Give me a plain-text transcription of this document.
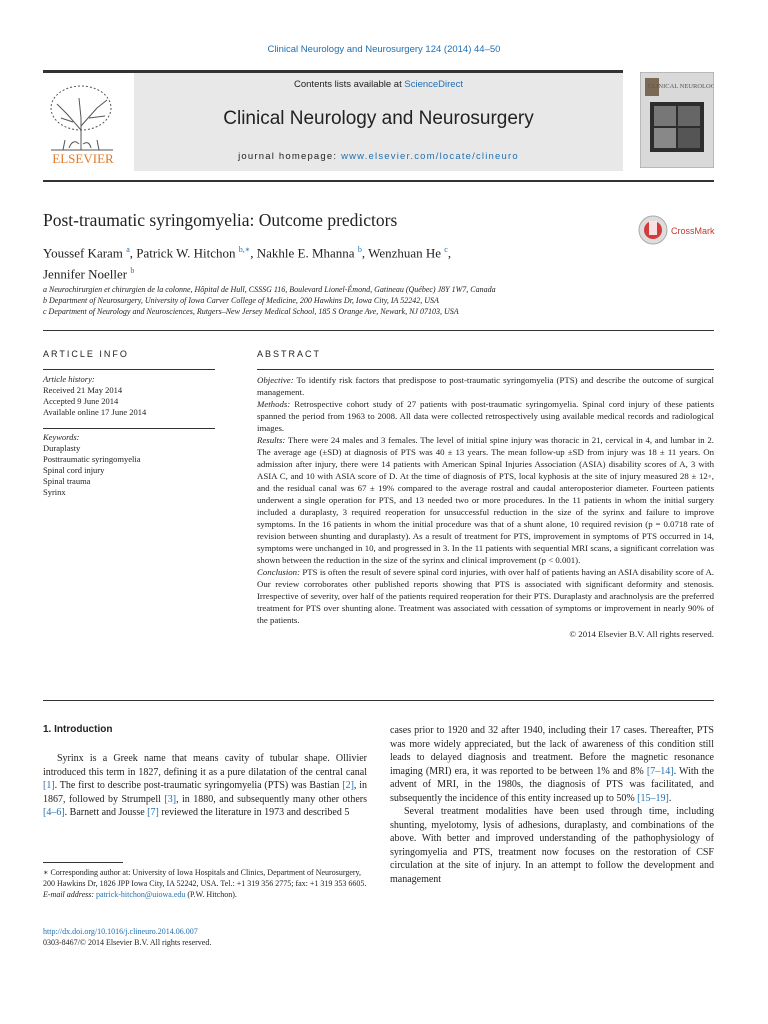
Clinical Neurology and Neurosurgery 124 (2014) 44–50
Contents lists available at ScienceDirect
Clinical Neurology and Neurosurgery
journal homepage: www.elsevier.com/locate/clineuro
ELSEVIER
CLINICAL NEUROLOGY
Post-traumatic syringomyelia: Outcome predictors
CrossMark
Youssef Karam $^a$, Patrick W. Hitchon $^{b,∗}$, Nakhle E. Mhanna $^b$, Wenzhuan He $^c$,
Jennifer Noeller $^b$
a Neurochirurgien et chirurgien de la colonne, Hôpital de Hull, CSSSG 116, Boulevard Lionel-Émond, Gatineau (Québec) J8Y 1W7, Canada
b Department of Neurosurgery, University of Iowa Carver College of Medicine, 200 Hawkins Dr, Iowa City, IA 52242, USA
c Department of Neurology and Neurosciences, Rutgers–New Jersey Medical School, 185 S Orange Ave, Newark, NJ 07103, USA
ARTICLE INFO
Article history:
Received 21 May 2014
Accepted 9 June 2014
Available online 17 June 2014
Keywords:
Duraplasty
Posttraumatic syringomyelia
Spinal cord injury
Spinal trauma
Syrinx
ABSTRACT

Objective: To identify risk factors that predispose to post-traumatic syringomyelia (PTS) and describe the outcome of surgical management.

Methods: Retrospective cohort study of 27 patients with post-traumatic syringomyelia. Spinal cord injury of these patients spanned the period from 1963 to 2008. All data were collected retrospectively using available medical records and radiological images.

Results: There were 24 males and 3 females. The level of initial spine injury was thoracic in 21, cervical in 4, and lumbar in 2. The average age (±SD) at diagnosis of PTS was 40 ± 13 years. The mean follow-up ±SD from injury was 18 ± 11 years. On admission after injury, there were 14 patients with American Spinal Injuries Association (ASIA) disability scores of A, 3 with ASIA C, and 10 with ASIA score of D. At the time of diagnosis of PTS, local kyphosis at the site of injury measured 28 ± 12◦, and the residual canal was 67 ± 19% compared to the average rostral and caudal anteroposterior diameter. Fourteen patients underwent a single operation for PTS, and 13 needed two or more procedures. In the 11 patients in whom the initial surgery included a duraplasty, 3 required reoperation for unsuccessful reduction in the size of the syrinx and failure to improve symptoms. In the 16 patients in whom the initial procedure was that of a shunt alone, 10 required revision (p = 0.0718 rate of revision between shunting and duraplasty). As a result of treatment for PTS, improvement in symptoms of PTS occurred in 14, symptoms were unchanged in 10, and progressed in 3. In the 11 patients with sequential MRI scans, a significant correlation was shown between the reduction in the size of the syrinx and clinical improvement (p < 0.001).

Conclusion: PTS is often the result of severe spinal cord injuries, with over half of patients having an ASIA disability score of A. Our review corroborates other published reports showing that PTS is associated with significant deformity and stenosis. Irrespective of severity, over half of the patients required reoperation for their PTS. Duraplasty and arachnolysis are the preferred treatment for PTS over shunting alone. Treatment was associated with cessation of symptoms or improvement in nearly 90% of the patients.

© 2014 Elsevier B.V. All rights reserved.

1. Introduction

Syrinx is a Greek name that means cavity of tubular shape. Ollivier introduced this term in 1827, defining it as a pure dilatation of the central canal [1]. The first to describe post-traumatic syringomyelia (PTS) was Bastian [2], in 1867, followed by Strumpell [3], in 1880, and subsequently many other others [4–6]. Barnett and Jousse [7] reviewed the literature in 1973 and described 5

cases prior to 1920 and 32 after 1940, including their 17 cases. Thereafter, PTS was more widely appreciated, but the lack of awareness of this condition still leads to delayed diagnosis and treatment. Before the magnetic resonance imaging (MRI) era, it was reported to be between 1% and 8% [7–14]. With the advent of MRI, in the 1980s, the diagnosis of PTS was facilitated, and subsequently the incidence of this entity increased up to 50% [15–19].

Several treatment modalities have been used through time, including shunting, myelotomy, lysis of adhesions, duraplasty, and combinations of the above. With better and improved understanding of the pathophysiology of syringomyelia and PTS, treatment now focuses on the restoration of CSF circulation at the site of injury. In an attempt to follow the development and management

∗ Corresponding author at: University of Iowa Hospitals and Clinics, Department of Neurosurgery, 200 Hawkins Dr, 1826 JPP Iowa City, IA 52242, USA. Tel.: +1 319 356 2775; fax: +1 319 353 6605.
E-mail address: patrick-hitchon@uiowa.edu (P.W. Hitchon).
http://dx.doi.org/10.1016/j.clineuro.2014.06.007
0303-8467/© 2014 Elsevier B.V. All rights reserved.
